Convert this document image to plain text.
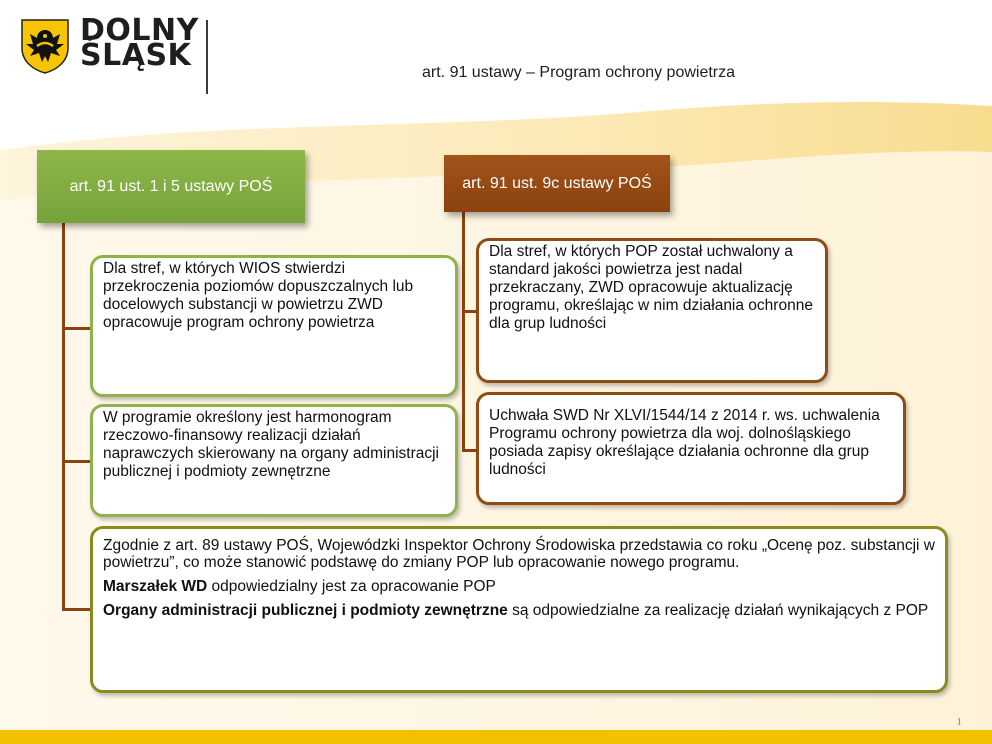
DOLNY
ŚLĄSK	art. 91 ustawy – Program ochrony powietrza
art. 91 ust. 1 i 5 ustawy POŚ	art. 91 ust. 9c ustawy POŚ
Dla stref, w których WIOS stwierdzi przekroczenia poziomów dopuszczalnych lub docelowych substancji w powietrzu ZWD opracowuje program ochrony powietrza
W programie określony jest harmonogram rzeczowo-finansowy realizacji działań naprawczych skierowany na organy administracji publicznej i podmioty zewnętrzne
Dla stref, w których POP został uchwalony a standard jakości powietrza jest nadal przekraczany, ZWD opracowuje aktualizację programu, określając w nim działania ochronne dla grup ludności
Uchwała SWD Nr XLVI/1544/14 z 2014 r. ws. uchwalenia Programu ochrony powietrza dla woj. dolnośląskiego posiada zapisy określające działania ochronne dla grup ludności

Zgodnie z art. 89 ustawy POŚ, Wojewódzki Inspektor Ochrony Środowiska przedstawia co roku „Ocenę poz. substancji w powietrzu”, co może stanowić podstawę do zmiany POP lub opracowanie nowego programu.

Marszałek WD odpowiedzialny jest za opracowanie POP

Organy administracji publicznej i podmioty zewnętrzne są odpowiedzialne za realizację działań wynikających z POP

1
